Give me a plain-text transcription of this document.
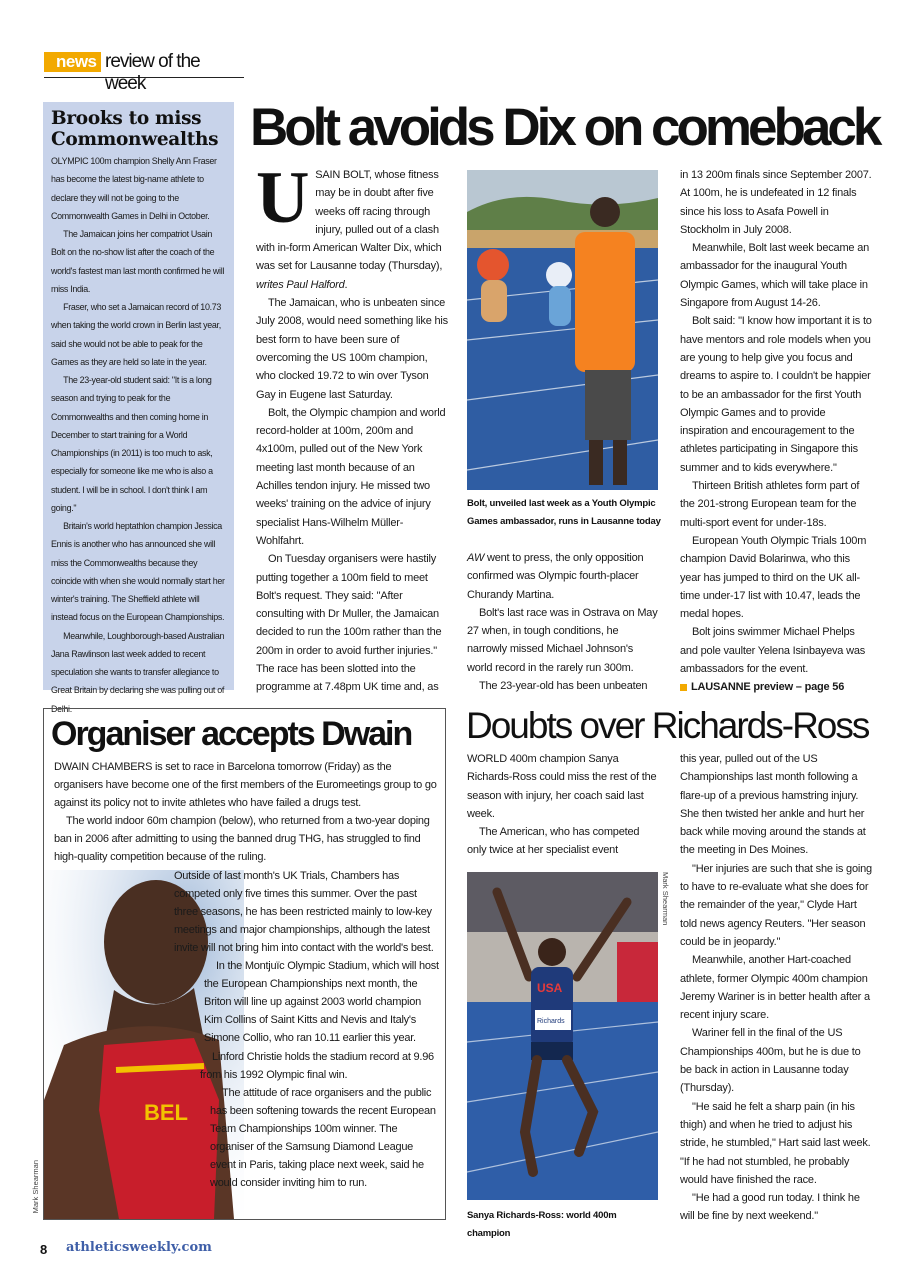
news review of the week
Brooks to miss Commonwealths
OLYMPIC 100m champion Shelly Ann Fraser has become the latest big-name athlete to declare they will not be going to the Commonwealth Games in Delhi in October.
The Jamaican joins her compatriot Usain Bolt on the no-show list after the coach of the world's fastest man last month confirmed he will miss India.
Fraser, who set a Jamaican record of 10.73 when taking the world crown in Berlin last year, said she would not be able to peak for the Games as they are held so late in the year.
The 23-year-old student said: "It is a long season and trying to peak for the Commonwealths and then coming home in December to start training for a World Championships (in 2011) is too much to ask, especially for someone like me who is also a student. I will be in school. I don't think I am going."
Britain's world heptathlon champion Jessica Ennis is another who has announced she will miss the Commonwealths because they coincide with when she would normally start her winter's training. The Sheffield athlete will instead focus on the European Championships.
Meanwhile, Loughborough-based Australian Jana Rawlinson last week added to recent speculation she wants to transfer allegiance to Great Britain by declaring she was pulling out of Delhi.
Bolt avoids Dix on comeback

USAIN BOLT, whose fitness may be in doubt after five weeks off racing through injury, pulled out of a clash with in-form American Walter Dix, which was set for Lausanne today (Thursday), writes Paul Halford.

The Jamaican, who is unbeaten since July 2008, would need something like his best form to have been sure of overcoming the US 100m champion, who clocked 19.72 to win over Tyson Gay in Eugene last Saturday.

Bolt, the Olympic champion and world record-holder at 100m, 200m and 4x100m, pulled out of the New York meeting last month because of an Achilles tendon injury. He missed two weeks' training on the advice of injury specialist Hans-Wilhelm Müller-Wohlfahrt.

On Tuesday organisers were hastily putting together a 100m field to meet Bolt's request. They said: "After consulting with Dr Muller, the Jamaican decided to run the 100m rather than the 200m in order to avoid further injuries." The race has been slotted into the programme at 7.48pm UK time and, as

Bolt, unveiled last week as a Youth Olympic Games ambassador, runs in Lausanne today

AW went to press, the only opposition confirmed was Olympic fourth-placer Churandy Martina.

Bolt's last race was in Ostrava on May 27 when, in tough conditions, he narrowly missed Michael Johnson's world record in the rarely run 300m.

The 23-year-old has been unbeaten

in 13 200m finals since September 2007. At 100m, he is undefeated in 12 finals since his loss to Asafa Powell in Stockholm in July 2008.

Meanwhile, Bolt last week became an ambassador for the inaugural Youth Olympic Games, which will take place in Singapore from August 14-26.

Bolt said: "I know how important it is to have mentors and role models when you are young to help give you focus and dreams to aspire to. I couldn't be happier to be an ambassador for the first Youth Olympic Games and to provide inspiration and encouragement to the athletes participating in Singapore this summer and to kids everywhere."

Thirteen British athletes form part of the 201-strong European team for the multi-sport event for under-18s.

European Youth Olympic Trials 100m champion David Bolarinwa, who this year has jumped to third on the UK all-time under-17 list with 10.47, leads the medal hopes.

Bolt joins swimmer Michael Phelps and pole vaulter Yelena Isinbayeva was ambassadors for the event.

LAUSANNE preview – page 56

BEL
Mark Shearman
Organiser accepts Dwain

DWAIN CHAMBERS is set to race in Barcelona tomorrow (Friday) as the organisers have become one of the first members of the Euromeetings group to go against its policy not to invite athletes who have failed a drugs test.

The world indoor 60m champion (below), who returned from a two-year doping ban in 2006 after admitting to using the banned drug THG, has struggled to find high-quality competition because of the ruling.

Outside of last month's UK Trials, Chambers has competed only five times this summer. Over the past three seasons, he has been restricted mainly to low-key meetings and major championships, although the latest invite will not bring him into contact with the world's best.

In the Montjuïc Olympic Stadium, which will host the European Championships next month, the Briton will line up against 2003 world champion Kim Collins of Saint Kitts and Nevis and Italy's Simone Collio, who ran 10.11 earlier this year.

Linford Christie holds the stadium record at 9.96 from his 1992 Olympic final win.

The attitude of race organisers and the public has been softening towards the recent European Team Championships 100m winner. The organiser of the Samsung Diamond League event in Paris, taking place next week, said he would consider inviting him to run.

Doubts over Richards-Ross

WORLD 400m champion Sanya Richards-Ross could miss the rest of the season with injury, her coach said last week.

The American, who has competed only twice at her specialist event

USA
Richards
Mark Shearman
Sanya Richards-Ross: world 400m champion

this year, pulled out of the US Championships last month following a flare-up of a previous hamstring injury. She then twisted her ankle and hurt her back while moving around the stands at the meeting in Des Moines.

"Her injuries are such that she is going to have to re-evaluate what she does for the remainder of the year," Clyde Hart told news agency Reuters. "Her season could be in jeopardy."

Meanwhile, another Hart-coached athlete, former Olympic 400m champion Jeremy Wariner is in better health after a recent injury scare.

Wariner fell in the final of the US Championships 400m, but he is due to be back in action in Lausanne today (Thursday).

"He said he felt a sharp pain (in his thigh) and when he tried to adjust his stride, he stumbled," Hart said last week. "If he had not stumbled, he probably would have finished the race.

"He had a good run today. I think he will be fine by next weekend."

8 athleticsweekly.com
